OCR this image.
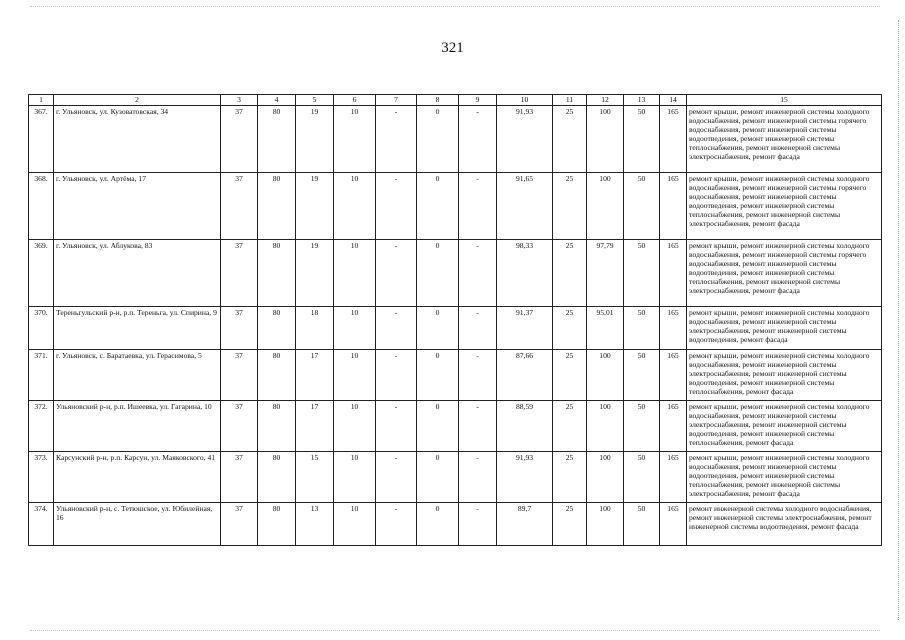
321
1	2	3	4	5	6	7	8	9	10	11	12	13	14	15
367.	г. Ульяновск, ул. Кузоватовская, 34	37	80	19	10	-	0	-	91,93	25	100	50	165	ремонт крыши, ремонт инженерной системы холодного водоснабжения, ремонт инженерной системы горячего водоснабжения, ремонт инженерной системы водоотведения, ремонт инженерной системы теплоснабжения, ремонт инженерной системы электроснабжения, ремонт фасада
368.	г. Ульяновск, ул. Артёма, 17	37	80	19	10	-	0	-	91,65	25	100	50	165	ремонт крыши, ремонт инженерной системы холодного водоснабжения, ремонт инженерной системы горячего водоснабжения, ремонт инженерной системы водоотведения, ремонт инженерной системы теплоснабжения, ремонт инженерной системы электроснабжения, ремонт фасада
369.	г. Ульяновск, ул. Аблукова, 83	37	80	19	10	-	0	-	98,33	25	97,79	50	165	ремонт крыши, ремонт инженерной системы холодного водоснабжения, ремонт инженерной системы горячего водоснабжения, ремонт инженерной системы водоотведения, ремонт инженерной системы теплоснабжения, ремонт инженерной системы электроснабжения, ремонт фасада
370.	Тереньгульский р-н, р.п. Тереньга, ул. Спирина, 9	37	80	18	10	-	0	-	91,37	25	95,01	50	165	ремонт крыши, ремонт инженерной системы холодного водоснабжения, ремонт инженерной системы электроснабжения, ремонт инженерной системы водоотведения, ремонт фасада
371.	г. Ульяновск, с. Баратаевка, ул. Герасимова, 5	37	80	17	10	-	0	-	87,66	25	100	50	165	ремонт крыши, ремонт инженерной системы холодного водоснабжения, ремонт инженерной системы электроснабжения, ремонт инженерной системы водоотведения, ремонт инженерной системы теплоснабжения, ремонт фасада
372.	Ульяновский р-н, р.п. Ишеевка, ул. Гагарина, 10	37	80	17	10	-	0	-	88,59	25	100	50	165	ремонт крыши, ремонт инженерной системы холодного водоснабжения, ремонт инженерной системы электроснабжения, ремонт инженерной системы водоотведения, ремонт инженерной системы теплоснабжения, ремонт фасада
373.	Карсунский р-н, р.п. Карсун, ул. Маяковского, 41	37	80	15	10	-	0	-	91,93	25	100	50	165	ремонт крыши, ремонт инженерной системы холодного водоснабжения, ремонт инженерной системы водоотведения, ремонт инженерной системы теплоснабжения, ремонт инженерной системы электроснабжения, ремонт фасада
374.	Ульяновский р-н, с. Тетюшское, ул. Юбилейная, 16	37	80	13	10	-	0	-	89,7	25	100	50	165	ремонт инженерной системы холодного водоснабжения, ремонт инженерной системы электроснабжения, ремонт инженерной системы водоотведения, ремонт фасада
